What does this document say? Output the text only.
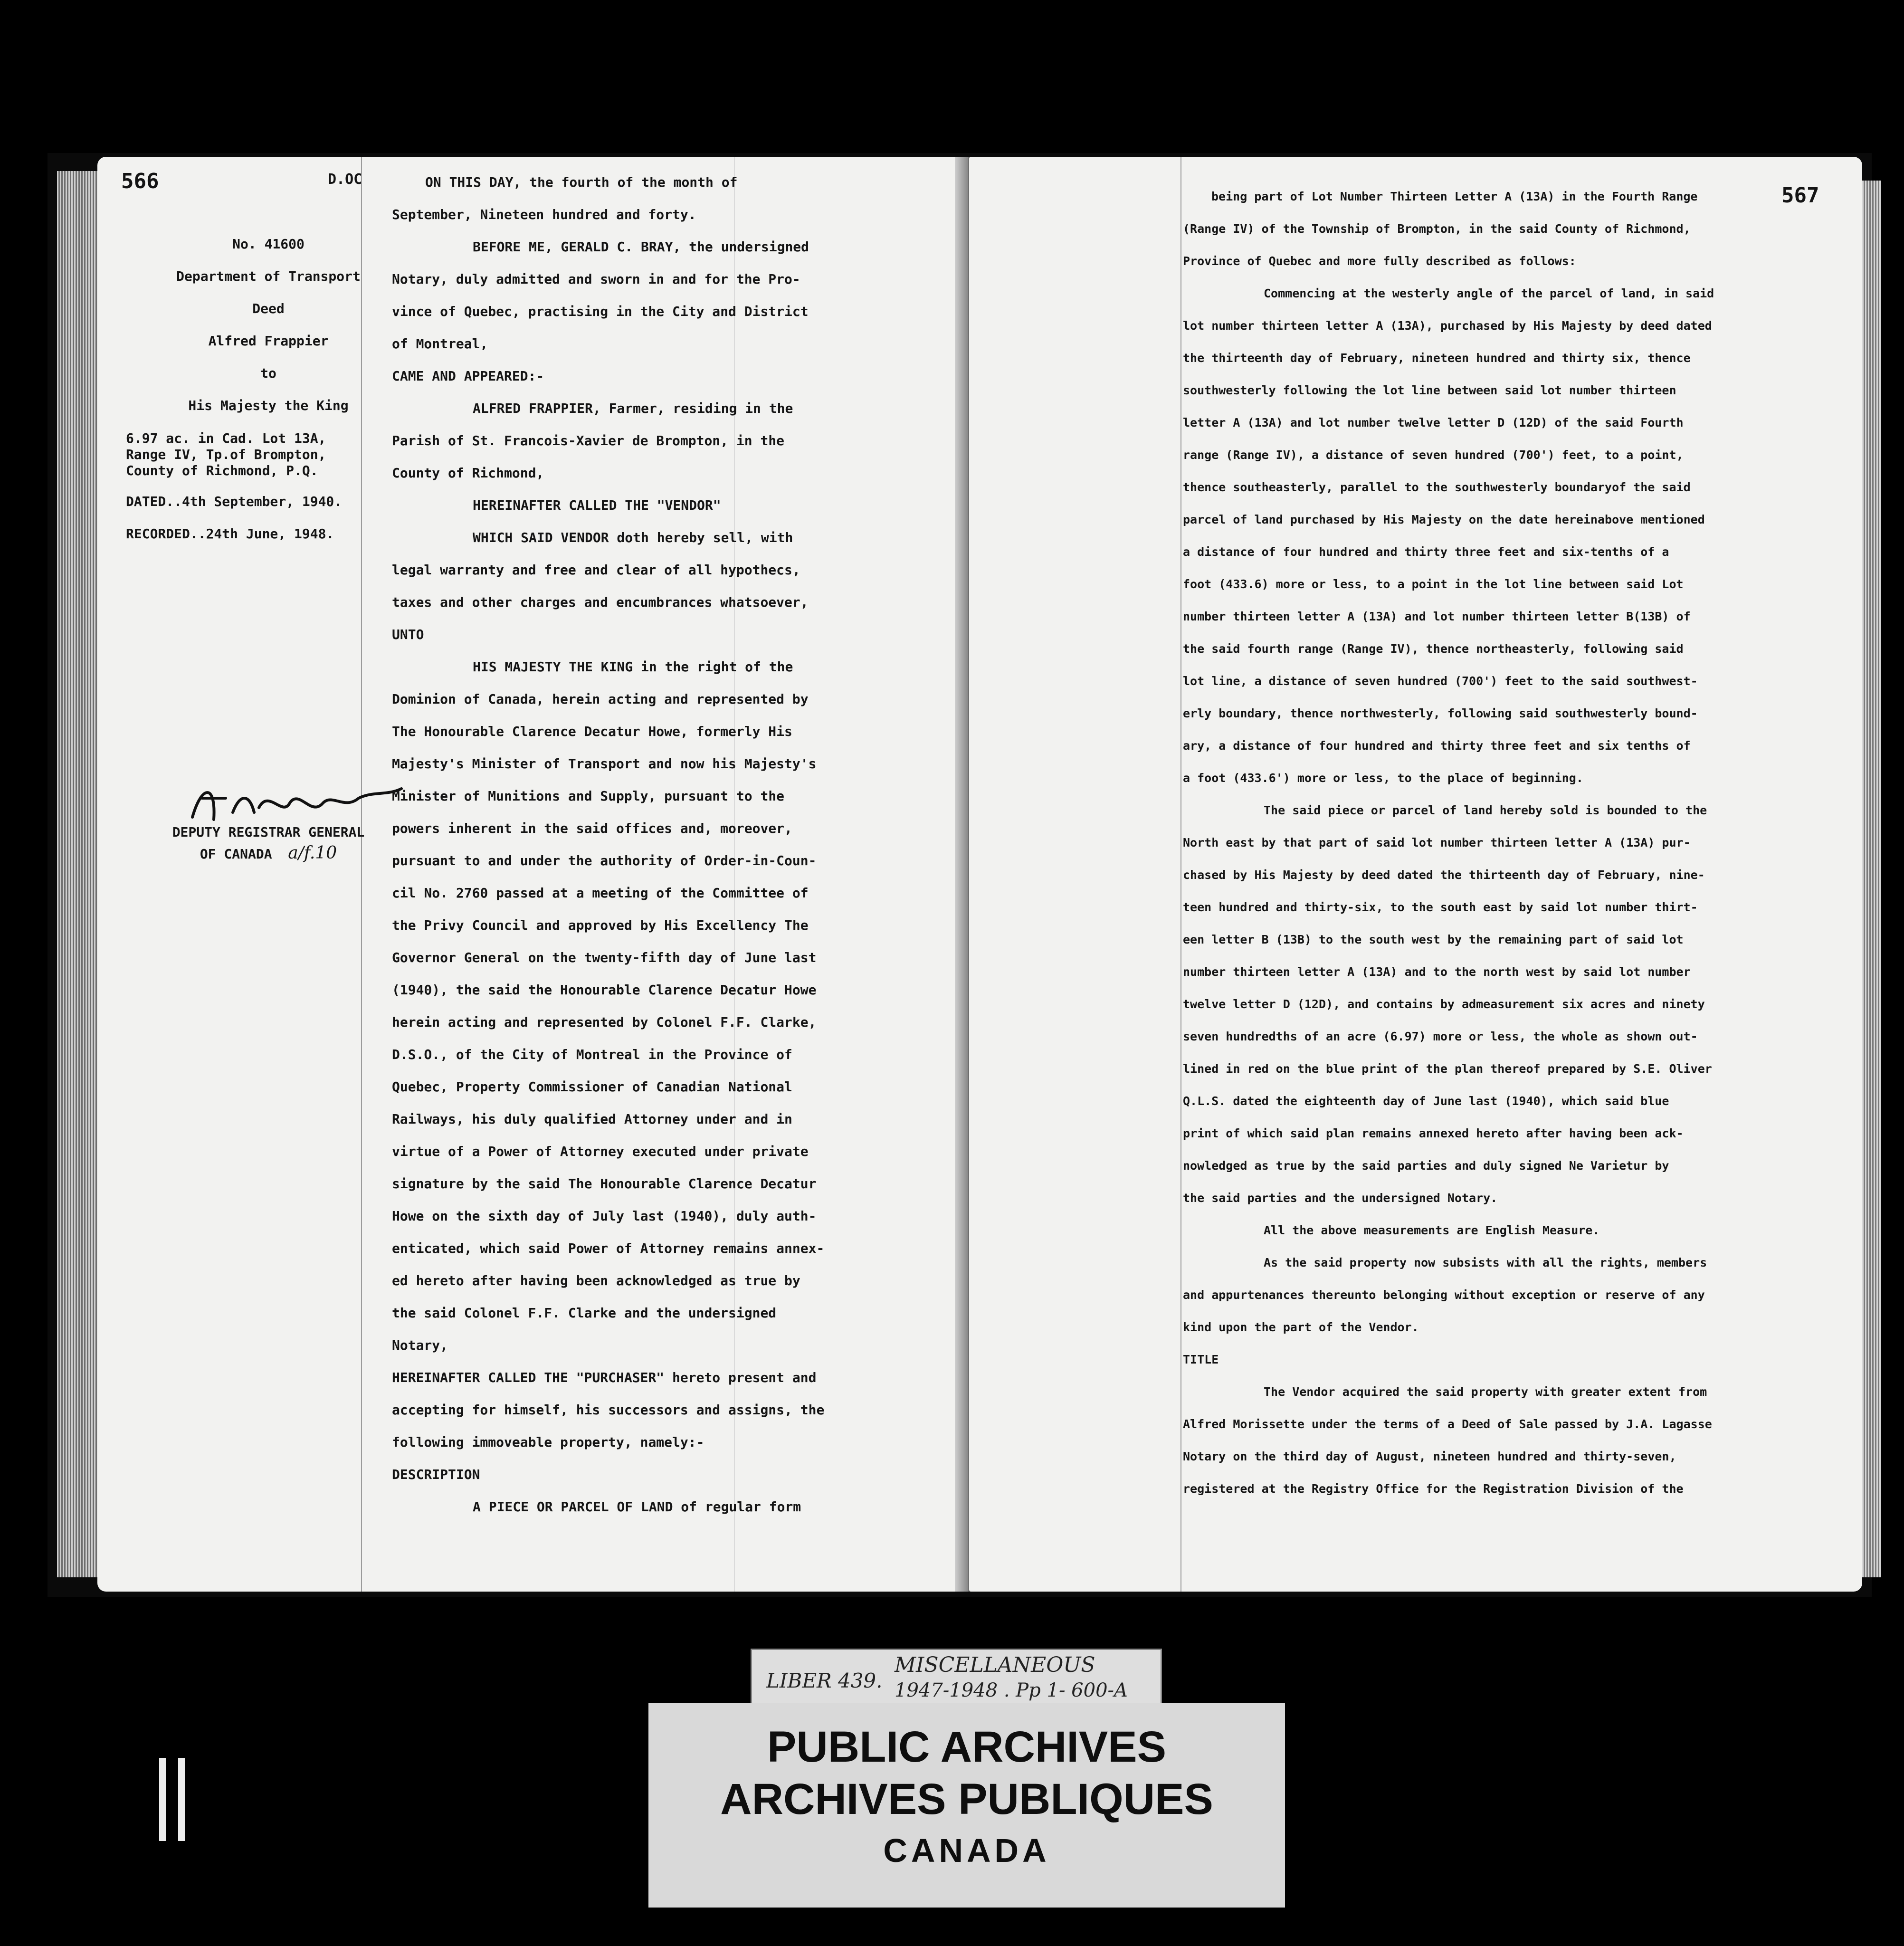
566	D.OC
No. 41600
Department of Transport
Deed
Alfred Frappier
to
His Majesty the King
6.97 ac. in Cad. Lot 13A,
Range IV, Tp.of Brompton,
County of Richmond, P.Q.
DATED..4th September, 1940.
RECORDED..24th June, 1948.
DEPUTY REGISTRAR GENERAL
OF CANADA a/f.10
ON THIS DAY, the fourth of the month of
September, Nineteen hundred and forty.
BEFORE ME, GERALD C. BRAY, the undersigned
Notary, duly admitted and sworn in and for the Pro-
vince of Quebec, practising in the City and District
of Montreal,
CAME AND APPEARED:-
ALFRED FRAPPIER, Farmer, residing in the
Parish of St. Francois-Xavier de Brompton, in the
County of Richmond,
HEREINAFTER CALLED THE "VENDOR"
WHICH SAID VENDOR doth hereby sell, with
legal warranty and free and clear of all hypothecs,
taxes and other charges and encumbrances whatsoever,
UNTO
HIS MAJESTY THE KING in the right of the
Dominion of Canada, herein acting and represented by
The Honourable Clarence Decatur Howe, formerly His
Majesty's Minister of Transport and now his Majesty's
Minister of Munitions and Supply, pursuant to the
powers inherent in the said offices and, moreover,
pursuant to and under the authority of Order-in-Coun-
cil No. 2760 passed at a meeting of the Committee of
the Privy Council and approved by His Excellency The
Governor General on the twenty-fifth day of June last
(1940), the said the Honourable Clarence Decatur Howe
herein acting and represented by Colonel F.F. Clarke,
D.S.O., of the City of Montreal in the Province of
Quebec, Property Commissioner of Canadian National
Railways, his duly qualified Attorney under and in
virtue of a Power of Attorney executed under private
signature by the said The Honourable Clarence Decatur
Howe on the sixth day of July last (1940), duly auth-
enticated, which said Power of Attorney remains annex-
ed hereto after having been acknowledged as true by
the said Colonel F.F. Clarke and the undersigned
Notary,
HEREINAFTER CALLED THE "PURCHASER" hereto present and
accepting for himself, his successors and assigns, the
following immoveable property, namely:-
DESCRIPTION
A PIECE OR PARCEL OF LAND of regular form
567
being part of Lot Number Thirteen Letter A (13A) in the Fourth Range
(Range IV) of the Township of Brompton, in the said County of Richmond,
Province of Quebec and more fully described as follows:
Commencing at the westerly angle of the parcel of land, in said
lot number thirteen letter A (13A), purchased by His Majesty by deed dated
the thirteenth day of February, nineteen hundred and thirty six, thence
southwesterly following the lot line between said lot number thirteen
letter A (13A) and lot number twelve letter D (12D) of the said Fourth
range (Range IV), a distance of seven hundred (700') feet, to a point,
thence southeasterly, parallel to the southwesterly boundaryof the said
parcel of land purchased by His Majesty on the date hereinabove mentioned
a distance of four hundred and thirty three feet and six-tenths of a
foot (433.6) more or less, to a point in the lot line between said Lot
number thirteen letter A (13A) and lot number thirteen letter B(13B) of
the said fourth range (Range IV), thence northeasterly, following said
lot line, a distance of seven hundred (700') feet to the said southwest-
erly boundary, thence northwesterly, following said southwesterly bound-
ary, a distance of four hundred and thirty three feet and six tenths of
a foot (433.6') more or less, to the place of beginning.
The said piece or parcel of land hereby sold is bounded to the
North east by that part of said lot number thirteen letter A (13A) pur-
chased by His Majesty by deed dated the thirteenth day of February, nine-
teen hundred and thirty-six, to the south east by said lot number thirt-
een letter B (13B) to the south west by the remaining part of said lot
number thirteen letter A (13A) and to the north west by said lot number
twelve letter D (12D), and contains by admeasurement six acres and ninety
seven hundredths of an acre (6.97) more or less, the whole as shown out-
lined in red on the blue print of the plan thereof prepared by S.E. Oliver
Q.L.S. dated the eighteenth day of June last (1940), which said blue
print of which said plan remains annexed hereto after having been ack-
nowledged as true by the said parties and duly signed Ne Varietur by
the said parties and the undersigned Notary.
All the above measurements are English Measure.
As the said property now subsists with all the rights, members
and appurtenances thereunto belonging without exception or reserve of any
kind upon the part of the Vendor.
TITLE
The Vendor acquired the said property with greater extent from
Alfred Morissette under the terms of a Deed of Sale passed by J.A. Lagasse
Notary on the third day of August, nineteen hundred and thirty-seven,
registered at the Registry Office for the Registration Division of the
LIBER 439.
MISCELLANEOUS
1947-1948 . Pp 1- 600-A
PUBLIC ARCHIVES
ARCHIVES PUBLIQUES
CANADA
